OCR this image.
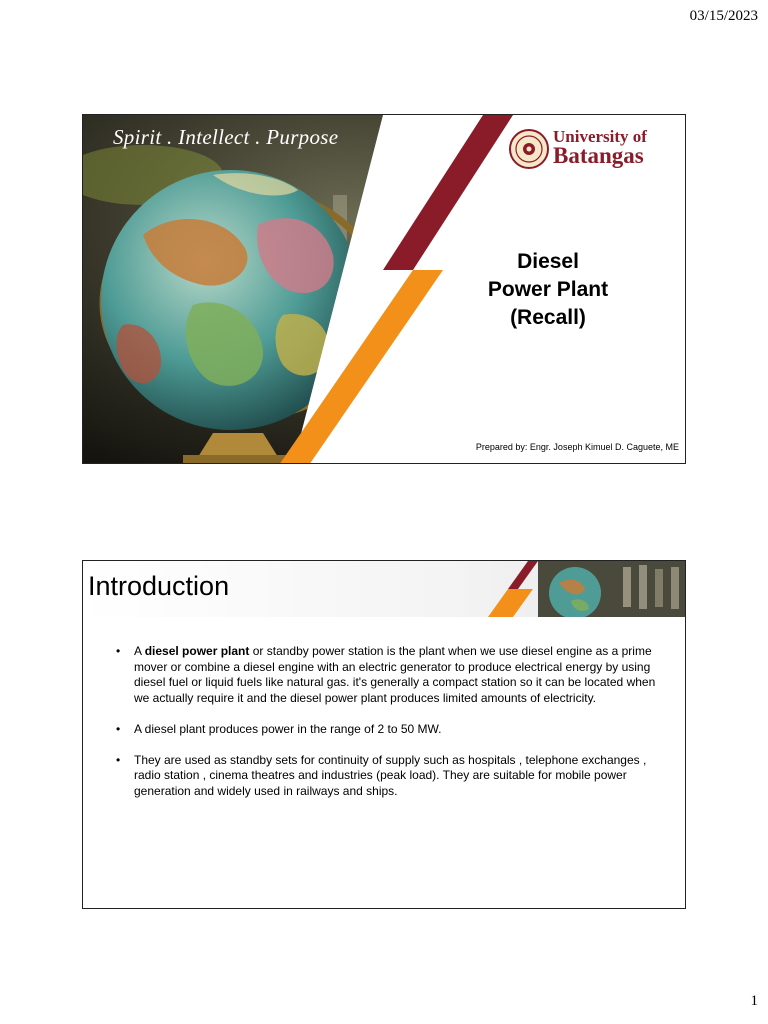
03/15/2023
Spirit . Intellect . Purpose	University of
Batangas
Diesel
Power Plant
(Recall)
Prepared by: Engr. Joseph Kimuel D. Caguete, ME
Introduction
• A diesel power plant or standby power station is the plant when we use diesel engine as a prime mover or combine a diesel engine with an electric generator to produce electrical energy by using diesel fuel or liquid fuels like natural gas. it's generally a compact station so it can be located when we actually require it and the diesel power plant produces limited amounts of electricity.
• A diesel plant produces power in the range of 2 to 50 MW.
• They are used as standby sets for continuity of supply such as hospitals , telephone exchanges , radio station , cinema theatres and industries (peak load). They are suitable for mobile power generation and widely used in railways and ships.
1
